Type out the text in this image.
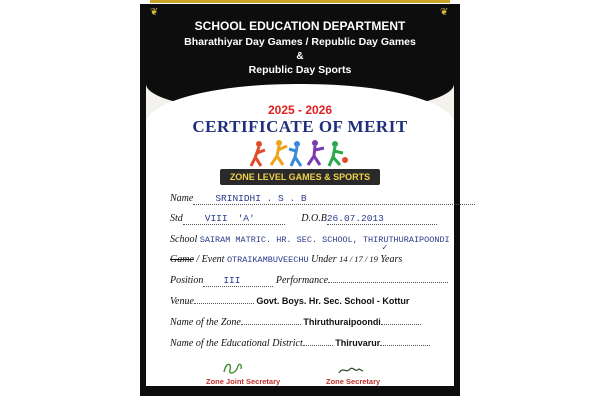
❦	❦
SCHOOL EDUCATION DEPARTMENT
Bharathiyar Day Games / Republic Day Games
&
Republic Day Sports
2025 - 2026
CERTIFICATE OF MERIT
ZONE LEVEL GAMES & SPORTS
Name SRINIDHI . S . B
Std VIII 'A'	D.O.B26.07.2013
School SAIRAM MATRIC. HR. SEC. SCHOOL, THIRUTHURAIPOONDI
Game / Event OTRAIKAMBUVEECHU Under 14 / 17 / 19 Years
✓
Position III	Performance
Venue	Govt. Boys. Hr. Sec. School - Kottur
Name of the Zone	Thiruthuraipoondi
Name of the Educational District	Thiruvarur
Zone Joint Secretary	Zone Secretary
